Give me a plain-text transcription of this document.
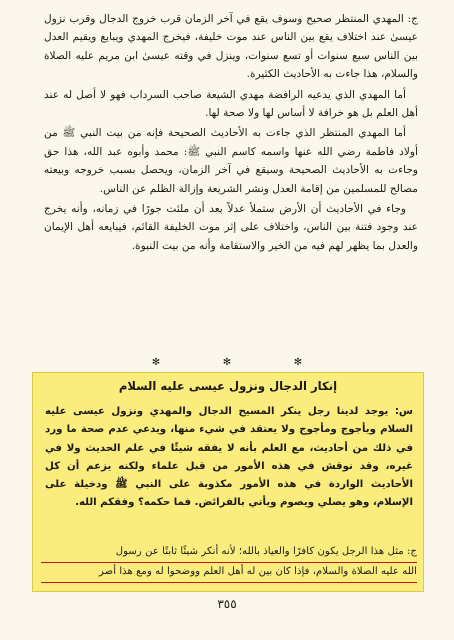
ج: المهدي المنتظر صحيح وسوف يقع في آخر الزمان قرب خروج الدجال وقرب نزول عيسىٰ عند اختلاف يقع بين الناس عند موت خليفة، فيخرج المهدي ويبايع ويقيم العدل بين الناس سبع سنوات أو تسع سنوات، وينزل في وقته عيسىٰ ابن مريم عليه الصلاة والسلام، هذا جاءت به الأحاديث الكثيرة.

أما المهدي الذي يدعيه الرافضة مهدي الشيعة صاحب السرداب فهو لا أصل له عند أهل العلم بل هو خرافة لا أساس لها ولا صحة لها.

أما المهدي المنتظر الذي جاءت به الأحاديث الصحيحة فإنه من بيت النبي ﷺ من أولاد فاطمة رضي الله عنها واسمه كاسم النبي ﷺ: محمد وأبوه عبد الله، هذا حق وجاءت به الأحاديث الصحيحة وسيقع في آخر الزمان، ويحصل بسبب خروجه وبيعته مصالح للمسلمين من إقامة العدل ونشر الشريعة وإزالة الظلم عن الناس.

وجاء في الأحاديث أن الأرض ستملأ عدلاً بعد أن ملئت جورًا في زمانه، وأنه يخرج عند وجود فتنة بين الناس، واختلاف على إثر موت الخليفة القائم، فيبايعه أهل الإيمان والعدل بما يظهر لهم فيه من الخير والاستقامة وأنه من بيت النبوة.

✻	✻	✻
إنكار الدجال ونزول عيسى عليه السلام
س: يوجد لدينا رجل ينكر المسيح الدجال والمهدي ونزول عيسى عليه السلام ويأجوج ومأجوج ولا يعتقد في شيء منها، ويدعي عدم صحة ما ورد في ذلك من أحاديث، مع العلم بأنه لا يفقه شيئًا في علم الحديث ولا في غيره، وقد نوقش في هذه الأمور من قبل علماء ولكنه يزعم أن كل الأحاديث الواردة في هذه الأمور مكذوبة على النبي ﷺ ودخيلة على الإسلام، وهو يصلي ويصوم ويأتي بالفرائض. فما حكمه؟ وفقكم الله.
ج: مثل هذا الرجل يكون كافرًا والعياذ بالله؛ لأنه أنكر شيئًا ثابتًا عن رسول
الله عليه الصلاة والسلام، فإذا كان بين له أهل العلم ووضحوا له ومع هذا أصر
٣٥٥
